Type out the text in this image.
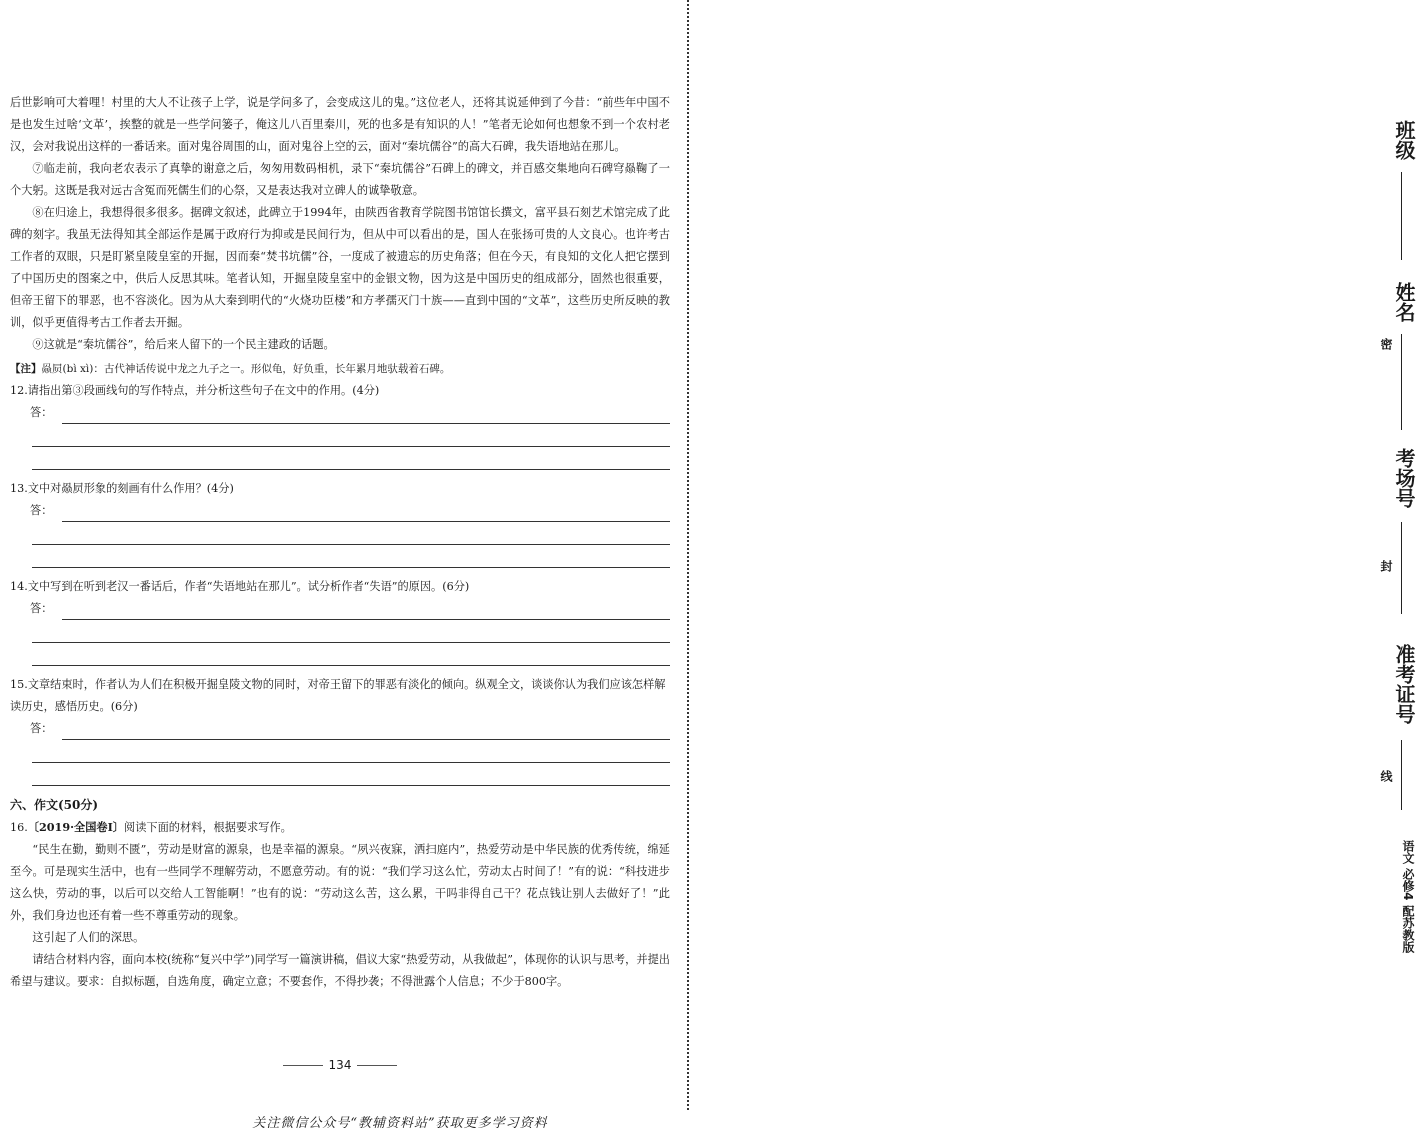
后世影响可大着哩！村里的大人不让孩子上学，说是学问多了，会变成这儿的鬼。”这位老人，还将其说延伸到了今昔：“前些年中国不是也发生过啥‘文革’，挨整的就是一些学问篓子，俺这儿八百里秦川，死的也多是有知识的人！”笔者无论如何也想象不到一个农村老汉，会对我说出这样的一番话来。面对鬼谷周围的山，面对鬼谷上空的云，面对“秦坑儒谷”的高大石碑，我失语地站在那儿。

⑦临走前，我向老农表示了真挚的谢意之后，匆匆用数码相机，录下“秦坑儒谷”石碑上的碑文，并百感交集地向石碑穹赑鞠了一个大躬。这既是我对远古含冤而死儒生们的心祭，又是表达我对立碑人的诚挚敬意。

⑧在归途上，我想得很多很多。据碑文叙述，此碑立于1994年，由陕西省教育学院图书馆馆长撰文，富平县石刻艺术馆完成了此碑的刻字。我虽无法得知其全部运作是属于政府行为抑或是民间行为，但从中可以看出的是，国人在张扬可贵的人文良心。也许考古工作者的双眼，只是盯紧皇陵皇室的开掘，因而秦“焚书坑儒”谷，一度成了被遗忘的历史角落；但在今天，有良知的文化人把它摆到了中国历史的图案之中，供后人反思其味。笔者认知，开掘皇陵皇室中的金银文物，因为这是中国历史的组成部分，固然也很重要，但帝王留下的罪恶，也不容淡化。因为从大秦到明代的“火烧功臣楼”和方孝孺灭门十族——直到中国的“文革”，这些历史所反映的教训，似乎更值得考古工作者去开掘。

⑨这就是“秦坑儒谷”，给后来人留下的一个民主建政的话题。

【注】赑屃(bì xì)：古代神话传说中龙之九子之一。形似龟，好负重，长年累月地驮载着石碑。

12.请指出第③段画线句的写作特点，并分析这些句子在文中的作用。(4分)

答：

13.文中对赑屃形象的刻画有什么作用？(4分)

答：

14.文中写到在听到老汉一番话后，作者“失语地站在那儿”。试分析作者“失语”的原因。(6分)

答：

15.文章结束时，作者认为人们在积极开掘皇陵文物的同时，对帝王留下的罪恶有淡化的倾向。纵观全文，谈谈你认为我们应该怎样解读历史，感悟历史。(6分)

答：

六、作文(50分)

16.〔2019·全国卷Ⅰ〕阅读下面的材料，根据要求写作。

“民生在勤，勤则不匮”，劳动是财富的源泉，也是幸福的源泉。“夙兴夜寐，洒扫庭内”，热爱劳动是中华民族的优秀传统，绵延至今。可是现实生活中，也有一些同学不理解劳动，不愿意劳动。有的说：“我们学习这么忙，劳动太占时间了！”有的说：“科技进步这么快，劳动的事，以后可以交给人工智能啊！”也有的说：“劳动这么苦，这么累，干吗非得自己干？花点钱让别人去做好了！”此外，我们身边也还有着一些不尊重劳动的现象。

这引起了人们的深思。

请结合材料内容，面向本校(统称“复兴中学”)同学写一篇演讲稿，倡议大家“热爱劳动，从我做起”，体现你的认识与思考，并提出希望与建议。要求：自拟标题，自选角度，确定立意；不要套作，不得抄袭；不得泄露个人信息；不少于800字。

134
关注微信公众号“教辅资料站”获取更多学习资料
班级
姓名
考场号
准考证号
密
封
线
语文 必修4 配苏教版
